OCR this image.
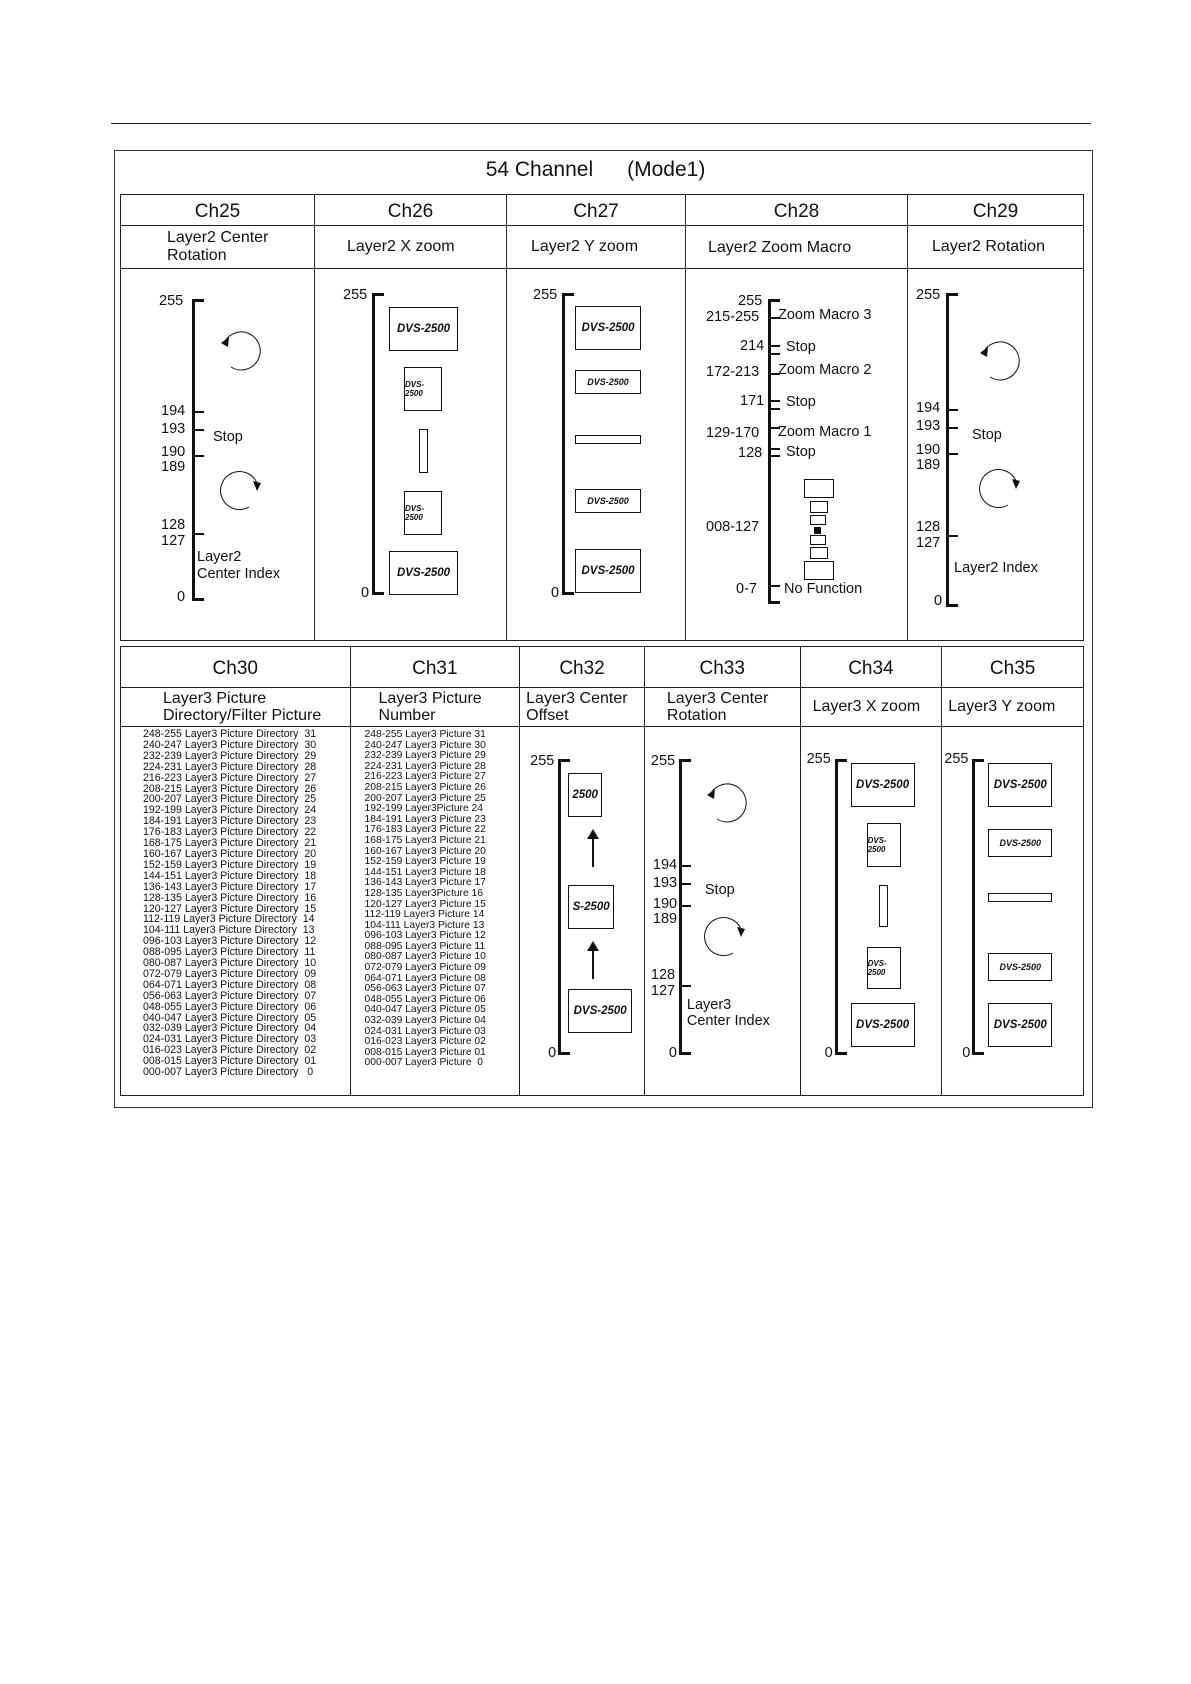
54 Channel (Mode1)
Ch25
Layer2 Center
Rotation
255
194
193
190
189
128
127
0
Stop
Layer2
Center Index
Ch26
Layer2 X zoom
255
0
DVS-2500
DVS-2500
DVS-2500
DVS-2500
Ch27
Layer2 Y zoom
255
0
DVS-2500
DVS-2500
DVS-2500
DVS-2500
Ch28
Layer2 Zoom Macro
255
215-255 Zoom Macro 3
214 Stop
172-213 Zoom Macro 2
171 Stop
129-170 Zoom Macro 1
128 Stop
008-127
0-7 No Function
Ch29
Layer2 Rotation
255
194
193
190
189
128
127
0
Stop
Layer2 Index
Ch30
Layer3 Picture
Directory/Filter Picture
248-255 Layer3 Picture Directory  31
240-247 Layer3 Picture Directory  30
232-239 Layer3 Picture Directory  29
224-231 Layer3 Picture Directory  28
216-223 Layer3 Picture Directory  27
208-215 Layer3 Picture Directory  26
200-207 Layer3 Picture Directory  25
192-199 Layer3 Picture Directory  24
184-191 Layer3 Picture Directory  23
176-183 Layer3 Picture Directory  22
168-175 Layer3 Picture Directory  21
160-167 Layer3 Picture Directory  20
152-159 Layer3 Picture Directory  19
144-151 Layer3 Picture Directory  18
136-143 Layer3 Picture Directory  17
128-135 Layer3 Picture Directory  16
120-127 Layer3 Picture Directory  15
112-119 Layer3 Picture Directory  14
104-111 Layer3 Picture Directory  13
096-103 Layer3 Picture Directory  12
088-095 Layer3 Picture Directory  11
080-087 Layer3 Picture Directory  10
072-079 Layer3 Picture Directory  09
064-071 Layer3 Picture Directory  08
056-063 Layer3 Picture Directory  07
048-055 Layer3 Picture Directory  06
040-047 Layer3 Picture Directory  05
032-039 Layer3 Picture Directory  04
024-031 Layer3 Picture Directory  03
016-023 Layer3 Picture Directory  02
008-015 Layer3 Picture Directory  01
000-007 Layer3 Picture Directory   0
Ch31
Layer3 Picture
Number
248-255 Layer3 Picture 31
240-247 Layer3 Picture 30
232-239 Layer3 Picture 29
224-231 Layer3 Picture 28
216-223 Layer3 Picture 27
208-215 Layer3 Picture 26
200-207 Layer3 Picture 25
192-199 Layer3Picture 24
184-191 Layer3 Picture 23
176-183 Layer3 Picture 22
168-175 Layer3 Picture 21
160-167 Layer3 Picture 20
152-159 Layer3 Picture 19
144-151 Layer3 Picture 18
136-143 Layer3 Picture 17
128-135 Layer3Picture 16
120-127 Layer3 Picture 15
112-119 Layer3 Picture 14
104-111 Layer3 Picture 13
096-103 Layer3 Picture 12
088-095 Layer3 Picture 11
080-087 Layer3 Picture 10
072-079 Layer3 Picture 09
064-071 Layer3 Picture 08
056-063 Layer3 Picture 07
048-055 Layer3 Picture 06
040-047 Layer3 Picture 05
032-039 Layer3 Picture 04
024-031 Layer3 Picture 03
016-023 Layer3 Picture 02
008-015 Layer3 Picture 01
000-007 Layer3 Picture  0
Ch32
Layer3 Center
Offset
255
0
2500
S-2500
DVS-2500
Ch33
Layer3 Center
Rotation
255
194
193
190
189
128
127
0
Stop
Layer3
Center Index
Ch34
Layer3 X zoom
255
0
DVS-2500
DVS-2500
DVS-2500
DVS-2500
Ch35
Layer3 Y zoom
255
0
DVS-2500
DVS-2500
DVS-2500
DVS-2500
